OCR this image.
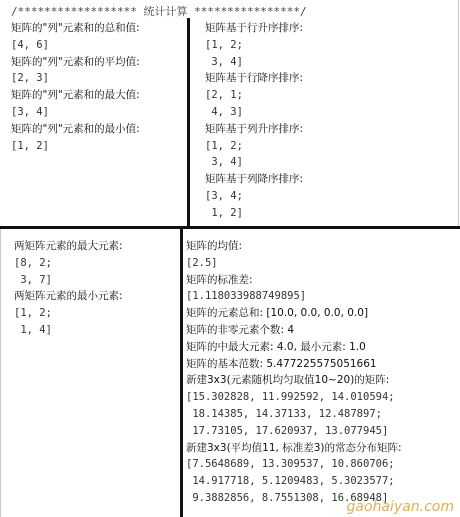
/****************** 统计计算 ****************/
矩阵的"列"元素和的总和值:
[4, 6]
矩阵的"列"元素和的平均值:
[2, 3]
矩阵的"列"元素和的最大值:
[3, 4]
矩阵的"列"元素和的最小值:
[1, 2]
矩阵基于行升序排序:
[1, 2;
3, 4]
矩阵基于行降序排序:
[2, 1;
4, 3]
矩阵基于列升序排序:
[1, 2;
3, 4]
矩阵基于列降序排序:
[3, 4;
1, 2]
两矩阵元素的最大元素:
[8, 2;
3, 7]
两矩阵元素的最小元素:
[1, 2;
1, 4]
矩阵的均值:
[2.5]
矩阵的标准差:
[1.118033988749895]
矩阵的元素总和: [10.0, 0.0, 0.0, 0.0]
矩阵的非零元素个数: 4
矩阵的中最大元素: 4.0, 最小元素: 1.0
矩阵的基本范数: 5.477225575051661
新建3x3(元素随机均匀取值10~20)的矩阵:
[15.302828, 11.992592, 14.010594;
18.14385, 14.37133, 12.487897;
17.73105, 17.620937, 13.077945]
新建3x3(平均值11, 标准差3)的常态分布矩阵:
[7.5648689, 13.309537, 10.860706;
14.917718, 5.1209483, 5.3023577;
9.3882856, 8.7551308, 16.68948]
gaohaiyan.com
